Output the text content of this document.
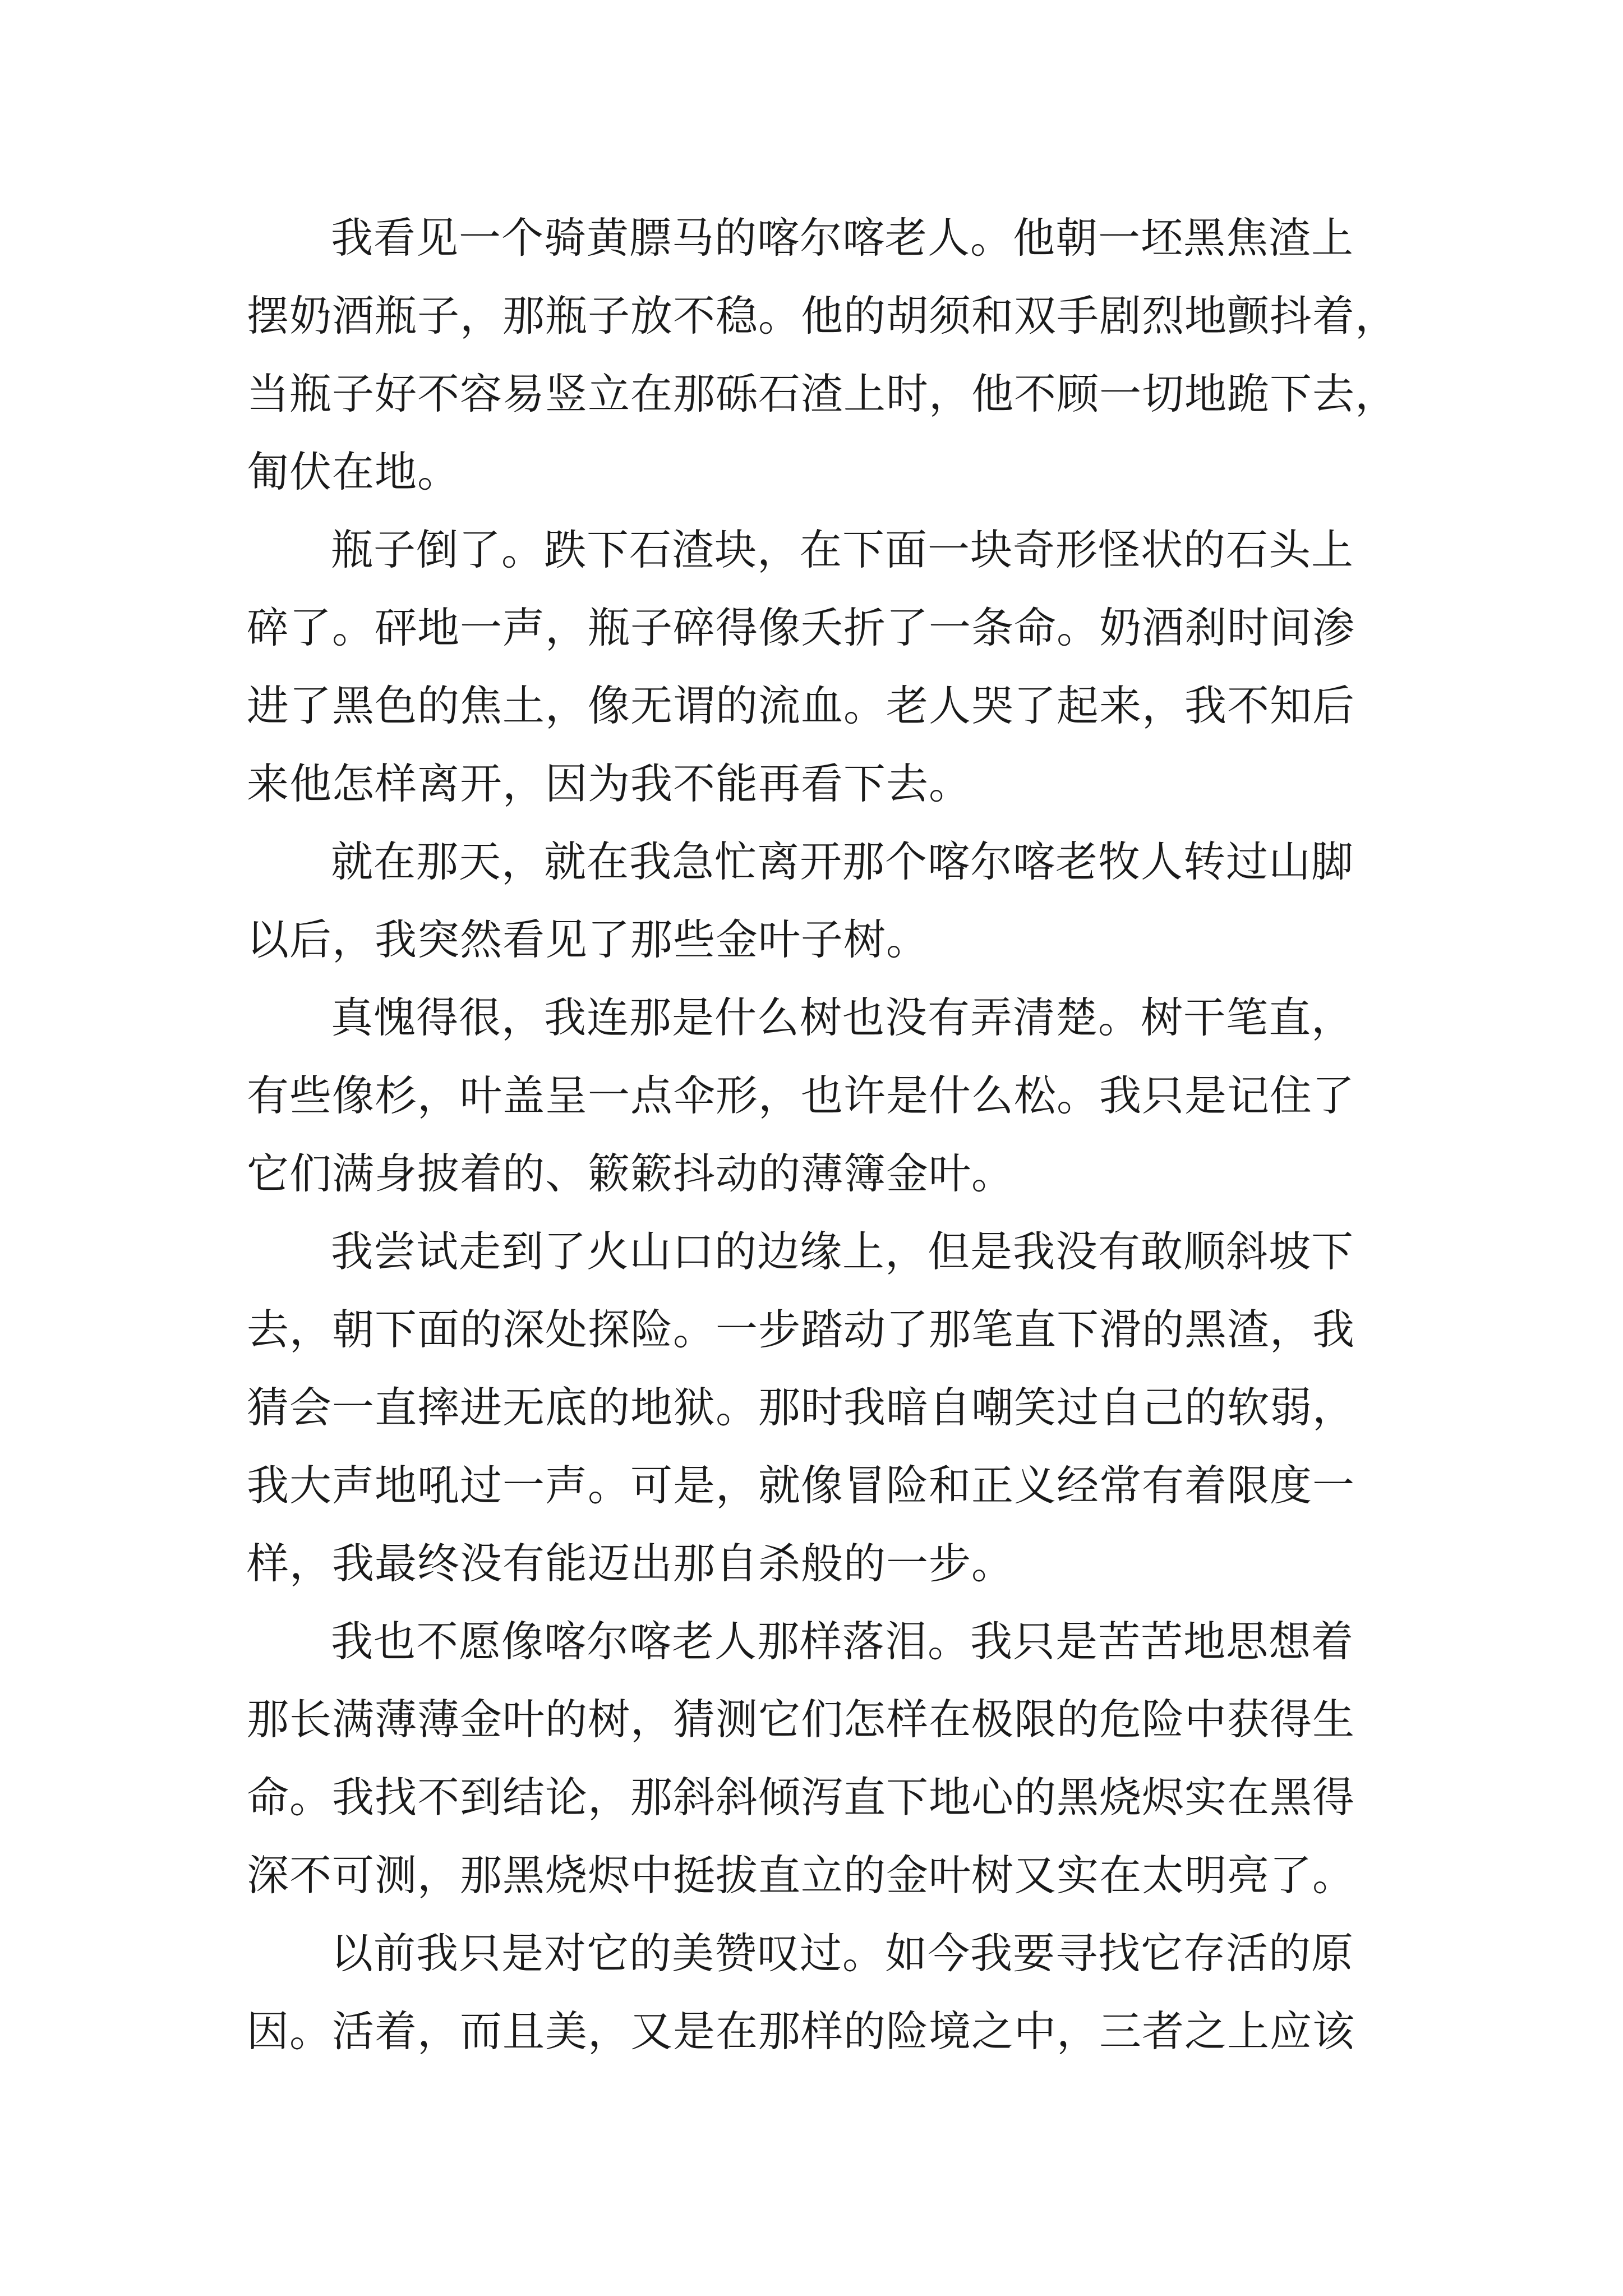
我看见一个骑黄膘马的喀尔喀老人。他朝一坯黑焦渣上
摆奶酒瓶子，那瓶子放不稳。他的胡须和双手剧烈地颤抖着，
当瓶子好不容易竖立在那砾石渣上时，他不顾一切地跪下去，
匍伏在地。
瓶子倒了。跌下石渣块，在下面一块奇形怪状的石头上
碎了。砰地一声，瓶子碎得像夭折了一条命。奶酒刹时间渗
进了黑色的焦土，像无谓的流血。老人哭了起来，我不知后
来他怎样离开，因为我不能再看下去。
就在那天，就在我急忙离开那个喀尔喀老牧人转过山脚
以后，我突然看见了那些金叶子树。
真愧得很，我连那是什么树也没有弄清楚。树干笔直，
有些像杉，叶盖呈一点伞形，也许是什么松。我只是记住了
它们满身披着的、簌簌抖动的薄簿金叶。
我尝试走到了火山口的边缘上，但是我没有敢顺斜坡下
去，朝下面的深处探险。一步踏动了那笔直下滑的黑渣，我
猜会一直摔进无底的地狱。那时我暗自嘲笑过自己的软弱，
我大声地吼过一声。可是，就像冒险和正义经常有着限度一
样，我最终没有能迈出那自杀般的一步。
我也不愿像喀尔喀老人那样落泪。我只是苦苦地思想着
那长满薄薄金叶的树，猜测它们怎样在极限的危险中获得生
命。我找不到结论，那斜斜倾泻直下地心的黑烧烬实在黑得
深不可测，那黑烧烬中挺拔直立的金叶树又实在太明亮了。
以前我只是对它的美赞叹过。如今我要寻找它存活的原
因。活着，而且美，又是在那样的险境之中，三者之上应该
